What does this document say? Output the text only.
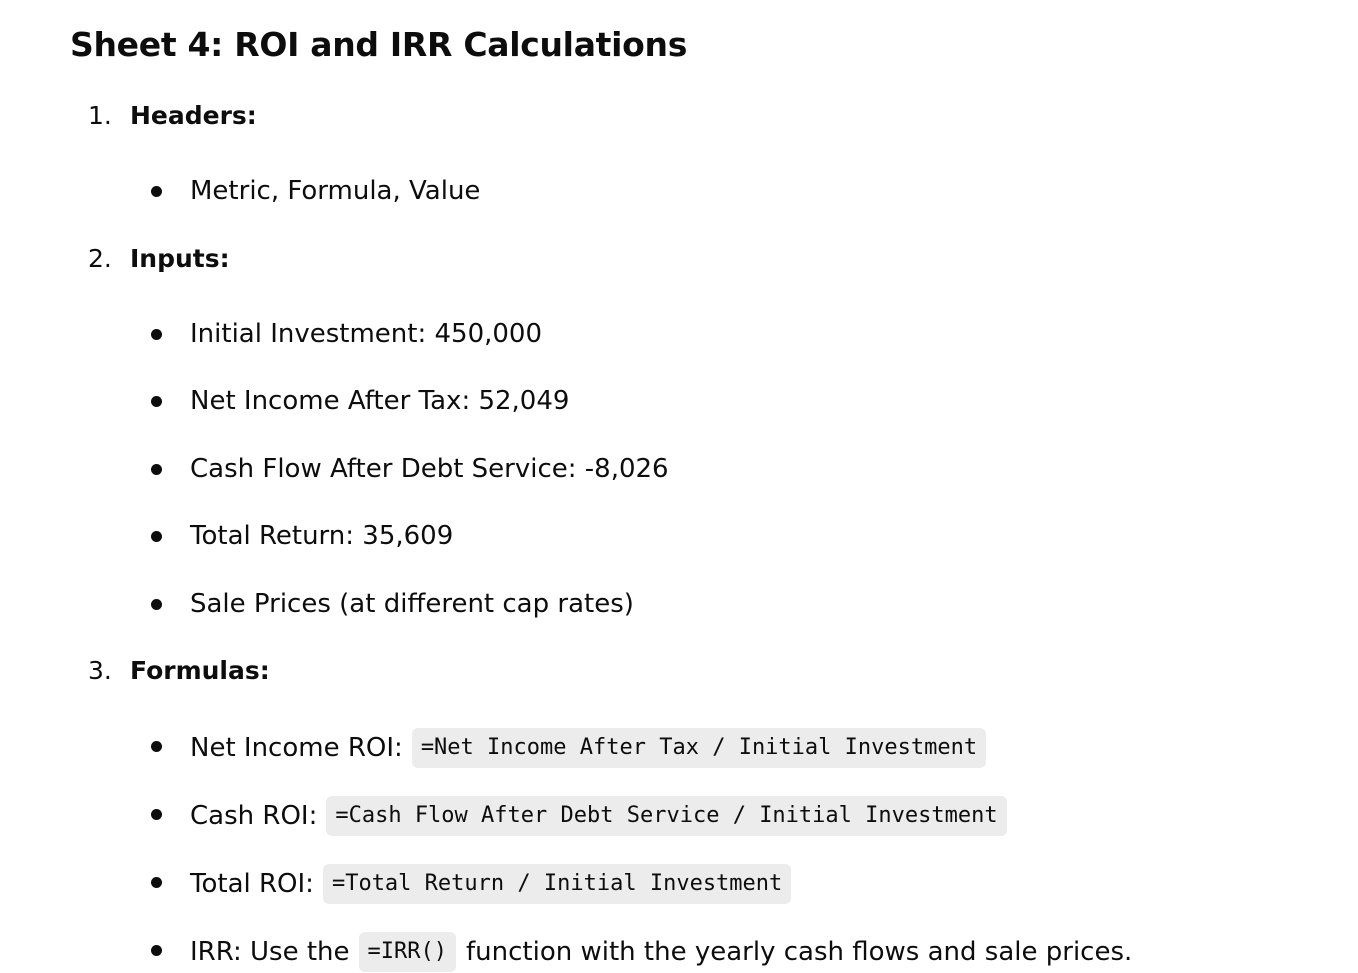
Sheet 4: ROI and IRR Calculations
1. Headers:
Metric, Formula, Value
2. Inputs:
Initial Investment: 450,000
Net Income After Tax: 52,049
Cash Flow After Debt Service: -8,026
Total Return: 35,609
Sale Prices (at different cap rates)
3. Formulas:
Net Income ROI: =Net Income After Tax / Initial Investment
Cash ROI: =Cash Flow After Debt Service / Initial Investment
Total ROI: =Total Return / Initial Investment
IRR: Use the =IRR() function with the yearly cash flows and sale prices.
